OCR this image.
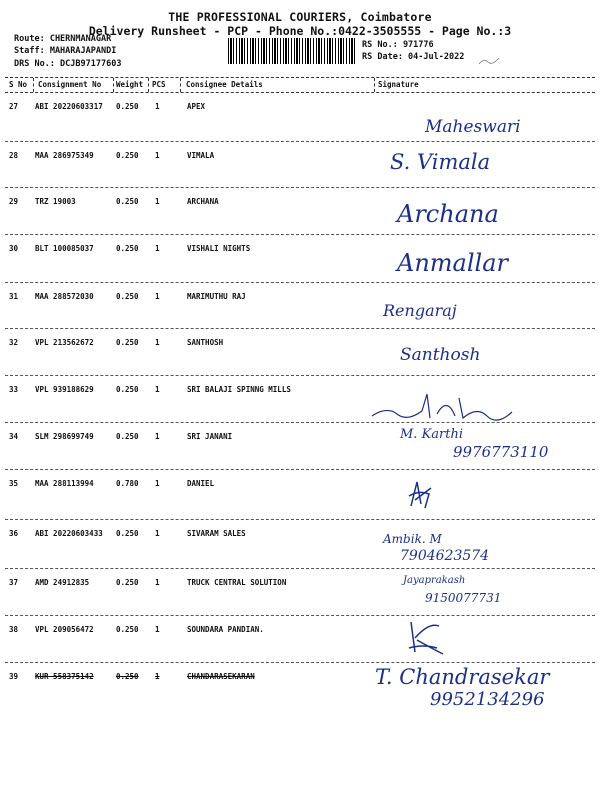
THE PROFESSIONAL COURIERS, Coimbatore
Delivery Runsheet - PCP - Phone No.:0422-3505555 - Page No.:3
Route: CHERNMANAGAR
Staff: MAHARAJAPANDI
DRS No.: DCJB97177603
RS No.: 971776
RS Date: 04-Jul-2022
S No Consignment No Weight PCS	Consignee Details	Signature
27 ABI 20220603317 0.250 1	APEX
Maheswari
28 MAA 286975349	0.250 1	VIMALA	S. Vimala
29 TRZ 19003	0.250 1	ARCHANA	Archana
30 BLT 100085037	0.250 1	VISHALI NIGHTS
Anmallar
31 MAA 288572030	0.250 1	MARIMUTHU RAJ
Rengaraj
32 VPL 213562672	0.250 1	SANTHOSH
Santhosh
33 VPL 939188629	0.250 1	SRI BALAJI SPINNG MILLS
34 SLM 298699749	0.250 1	SRI JANANI	M. Karthi
9976773110
35 MAA 288113994	0.780 1	DANIEL
36 ABI 20220603433 0.250 1	SIVARAM SALES	Ambik. M
7904623574
37 AMD 24912835	0.250 1	TRUCK CENTRAL SOLUTION	Jayaprakash
9150077731
38 VPL 209056472	0.250 1	SOUNDARA PANDIAN.
39 KUR 558375142	0.250 1	CHANDARASEKARAN	T. Chandrasekar
9952134296
